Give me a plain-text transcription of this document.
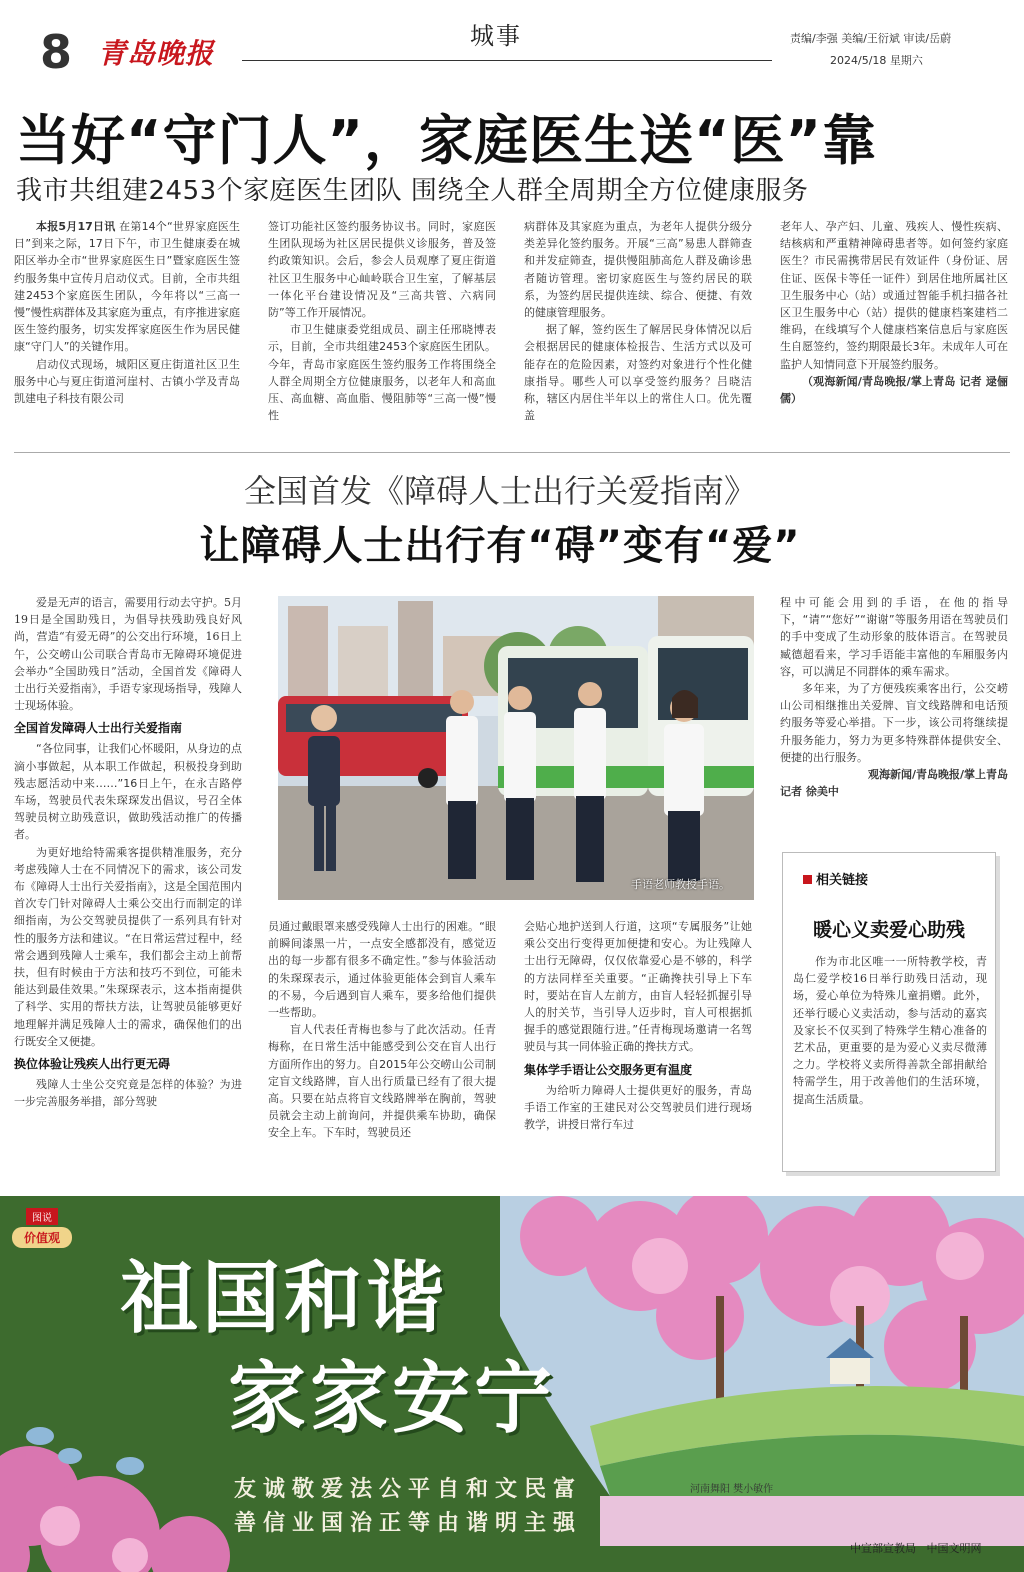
8 青岛晚报
城事	责编/李强 美编/王衍斌 审读/岳蔚
2024/5/18 星期六
当好“守门人”，家庭医生送“医”靠
我市共组建2453个家庭医生团队 围绕全人群全周期全方位健康服务

本报5月17日讯 在第14个“世界家庭医生日”到来之际，17日下午，市卫生健康委在城阳区举办全市“世界家庭医生日”暨家庭医生签约服务集中宣传月启动仪式。目前，全市共组建2453个家庭医生团队，今年将以“三高一慢”慢性病群体及其家庭为重点，有序推进家庭医生签约服务，切实发挥家庭医生作为居民健康“守门人”的关键作用。

启动仪式现场，城阳区夏庄街道社区卫生服务中心与夏庄街道河崖村、古镇小学及青岛凯建电子科技有限公司

签订功能社区签约服务协议书。同时，家庭医生团队现场为社区居民提供义诊服务，普及签约政策知识。会后，参会人员观摩了夏庄街道社区卫生服务中心屾岭联合卫生室，了解基层一体化平台建设情况及“三高共管、六病同防”等工作开展情况。

市卫生健康委党组成员、副主任邢晓博表示，目前，全市共组建2453个家庭医生团队。今年，青岛市家庭医生签约服务工作将围绕全人群全周期全方位健康服务，以老年人和高血压、高血糖、高血脂、慢阻肺等“三高一慢”慢性

病群体及其家庭为重点，为老年人提供分级分类差异化签约服务。开展“三高”易患人群筛查和并发症筛查，提供慢阻肺高危人群及确诊患者随访管理。密切家庭医生与签约居民的联系，为签约居民提供连续、综合、便捷、有效的健康管理服务。

据了解，签约医生了解居民身体情况以后会根据居民的健康体检报告、生活方式以及可能存在的危险因素，对签约对象进行个性化健康指导。哪些人可以享受签约服务？吕晓洁称，辖区内居住半年以上的常住人口。优先覆盖

老年人、孕产妇、儿童、残疾人、慢性疾病、结核病和严重精神障碍患者等。如何签约家庭医生？市民需携带居民有效证件（身份证、居住证、医保卡等任一证件）到居住地所属社区卫生服务中心（站）或通过智能手机扫描各社区卫生服务中心（站）提供的健康档案建档二维码，在线填写个人健康档案信息后与家庭医生自愿签约，签约期限最长3年。未成年人可在监护人知情同意下开展签约服务。

（观海新闻/青岛晚报/掌上青岛 记者 逯俪儒）

全国首发《障碍人士出行关爱指南》
让障碍人士出行有“碍”变有“爱”

爱是无声的语言，需要用行动去守护。5月19日是全国助残日，为倡导扶残助残良好风尚，营造“有爱无碍”的公交出行环境，16日上午，公交崂山公司联合青岛市无障碍环境促进会举办“全国助残日”活动，全国首发《障碍人士出行关爱指南》，手语专家现场指导，残障人士现场体验。

全国首发障碍人士出行关爱指南

“各位同事，让我们心怀暖阳，从身边的点滴小事做起，从本职工作做起，积极投身到助残志愿活动中来……”16日上午，在永吉路停车场，驾驶员代表朱琛琛发出倡议，号召全体驾驶员树立助残意识，做助残活动推广的传播者。

为更好地给特需乘客提供精准服务，充分考虑残障人士在不同情况下的需求，该公司发布《障碍人士出行关爱指南》，这是全国范围内首次专门针对障碍人士乘公交出行而制定的详细指南，为公交驾驶员提供了一系列具有针对性的服务方法和建议。“在日常运营过程中，经常会遇到残障人士乘车，我们都会主动上前帮扶，但有时候由于方法和技巧不到位，可能未能达到最佳效果。”朱琛琛表示，这本指南提供了科学、实用的帮扶方法，让驾驶员能够更好地理解并满足残障人士的需求，确保他们的出行既安全又便捷。

换位体验让残疾人出行更无碍

残障人士坐公交究竟是怎样的体验？为进一步完善服务举措，部分驾驶

手语老师教授手语。

员通过戴眼罩来感受残障人士出行的困难。“眼前瞬间漆黑一片，一点安全感都没有，感觉迈出的每一步都有很多不确定性。”参与体验活动的朱琛琛表示，通过体验更能体会到盲人乘车的不易，今后遇到盲人乘车，要多给他们提供一些帮助。

盲人代表任青梅也参与了此次活动。任青梅称，在日常生活中能感受到公交在盲人出行方面所作出的努力。自2015年公交崂山公司制定盲文线路牌，盲人出行质量已经有了很大提高。只要在站点将盲文线路牌举在胸前，驾驶员就会主动上前询问，并提供乘车协助，确保安全上车。下车时，驾驶员还

会贴心地护送到人行道，这项“专属服务”让她乘公交出行变得更加便捷和安心。为让残障人士出行无障碍，仅仅依靠爱心是不够的，科学的方法同样至关重要。“正确搀扶引导上下车时，要站在盲人左前方，由盲人轻轻抓握引导人的肘关节，当引导人迈步时，盲人可根据抓握手的感觉跟随行进。”任青梅现场邀请一名驾驶员与其一同体验正确的搀扶方式。

集体学手语让公交服务更有温度

为给听力障碍人士提供更好的服务，青岛手语工作室的王建民对公交驾驶员们进行现场教学，讲授日常行车过

程中可能会用到的手语，在他的指导下，“请”“您好”“谢谢”等服务用语在驾驶员们的手中变成了生动形象的肢体语言。在驾驶员臧德超看来，学习手语能丰富他的车厢服务内容，可以满足不同群体的乘车需求。

多年来，为了方便残疾乘客出行，公交崂山公司相继推出关爱牌、盲文线路牌和电话预约服务等爱心举措。下一步，该公司将继续提升服务能力，努力为更多特殊群体提供安全、便捷的出行服务。

观海新闻/青岛晚报/掌上青岛
记者 徐美中
相关链接
暖心义卖爱心助残

作为市北区唯一一所特教学校，青岛仁爱学校16日举行助残日活动，现场，爱心单位为特殊儿童捐赠。此外，还举行暖心义卖活动，参与活动的嘉宾及家长不仅买到了特殊学生精心准备的艺术品，更重要的是为爱心义卖尽微薄之力。学校将义卖所得善款全部捐献给特需学生，用于改善他们的生活环境，提高生活质量。

图说
价值观
祖国和谐
家家安宁
友诚敬爱法公平自和文民富
善信业国治正等由谐明主强
河南舞阳 樊小敏作
中宣部宣教局 中国文明网
